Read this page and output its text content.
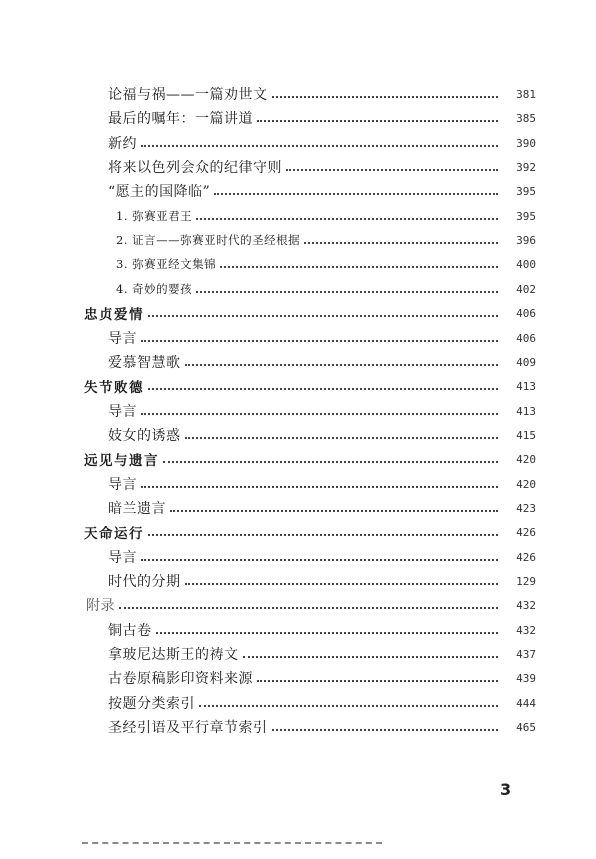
论福与祸——一篇劝世文	381
最后的嘱年：一篇讲道	385
新约	390
将来以色列会众的纪律守则	392
“愿主的国降临”	395
1. 弥赛亚君王	395
2. 证言——弥赛亚时代的圣经根据	396
3. 弥赛亚经文集锦	400
4. 奇妙的婴孩	402
忠贞爱情	406
导言	406
爱慕智慧歌	409
失节败德	413
导言	413
妓女的诱惑	415
远见与遗言	420
导言	420
暗兰遗言	423
天命运行	426
导言	426
时代的分期	129
附录	432
铜古卷	432
拿玻尼达斯王的祷文	437
古卷原稿影印资料来源	439
按题分类索引	444
圣经引语及平行章节索引	465
3
